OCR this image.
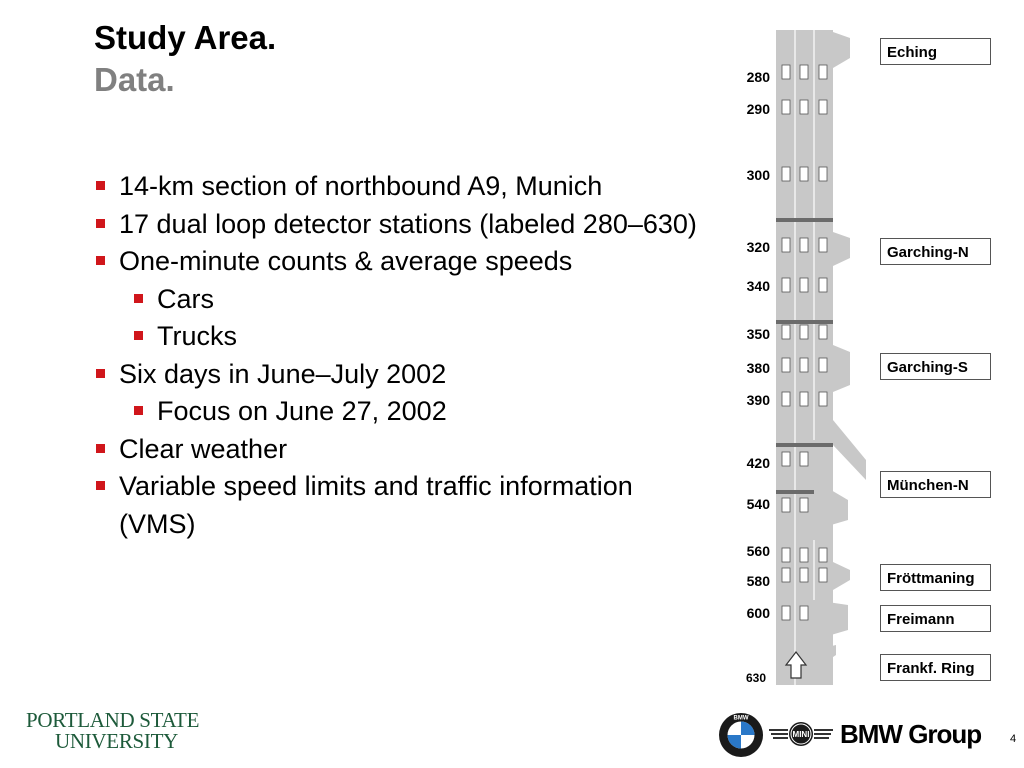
Study Area.
Data.
14-km section of northbound A9, Munich
17 dual loop detector stations (labeled 280–630)
One-minute counts & average speeds
Cars
Trucks
Six days in June–July 2002
Focus on June 27, 2002
Clear weather
Variable speed limits and traffic information (VMS)
280
290
300
320
340
350
380
390
420
540
560
580
600
630
Eching
Garching-N
Garching-S
München-N
Fröttmaning
Freimann
Frankf. Ring
PORTLAND STATE
UNIVERSITY
BMW
MINI BMW Group	4
